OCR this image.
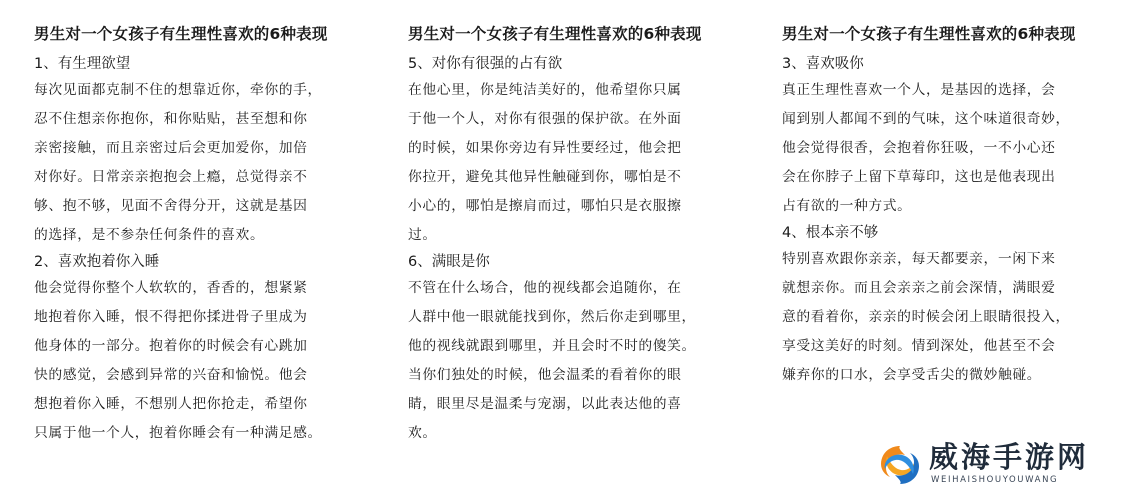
男生对一个女孩子有生理性喜欢的6种表现
1、有生理欲望
每次见面都克制不住的想靠近你，牵你的手，
忍不住想亲你抱你，和你贴贴，甚至想和你
亲密接触，而且亲密过后会更加爱你，加倍
对你好。日常亲亲抱抱会上瘾，总觉得亲不
够、抱不够，见面不舍得分开，这就是基因
的选择，是不参杂任何条件的喜欢。
2、喜欢抱着你入睡
他会觉得你整个人软软的，香香的，想紧紧
地抱着你入睡，恨不得把你揉进骨子里成为
他身体的一部分。抱着你的时候会有心跳加
快的感觉，会感到异常的兴奋和愉悦。他会
想抱着你入睡，不想别人把你抢走，希望你
只属于他一个人，抱着你睡会有一种满足感。
男生对一个女孩子有生理性喜欢的6种表现
5、对你有很强的占有欲
在他心里，你是纯洁美好的，他希望你只属
于他一个人，对你有很强的保护欲。在外面
的时候，如果你旁边有异性要经过，他会把
你拉开，避免其他异性触碰到你，哪怕是不
小心的，哪怕是擦肩而过，哪怕只是衣服擦
过。
6、满眼是你
不管在什么场合，他的视线都会追随你，在
人群中他一眼就能找到你，然后你走到哪里，
他的视线就跟到哪里，并且会时不时的傻笑。
当你们独处的时候，他会温柔的看着你的眼
睛，眼里尽是温柔与宠溺，以此表达他的喜
欢。
男生对一个女孩子有生理性喜欢的6种表现
3、喜欢吸你
真正生理性喜欢一个人，是基因的选择，会
闻到别人都闻不到的气味，这个味道很奇妙，
他会觉得很香，会抱着你狂吸，一不小心还
会在你脖子上留下草莓印，这也是他表现出
占有欲的一种方式。
4、根本亲不够
特别喜欢跟你亲亲，每天都要亲，一闲下来
就想亲你。而且会亲亲之前会深情，满眼爱
意的看着你，亲亲的时候会闭上眼睛很投入，
享受这美好的时刻。情到深处，他甚至不会
嫌弃你的口水，会享受舌尖的微妙触碰。
威海手游网
WEIHAISHOUYOUWANG
